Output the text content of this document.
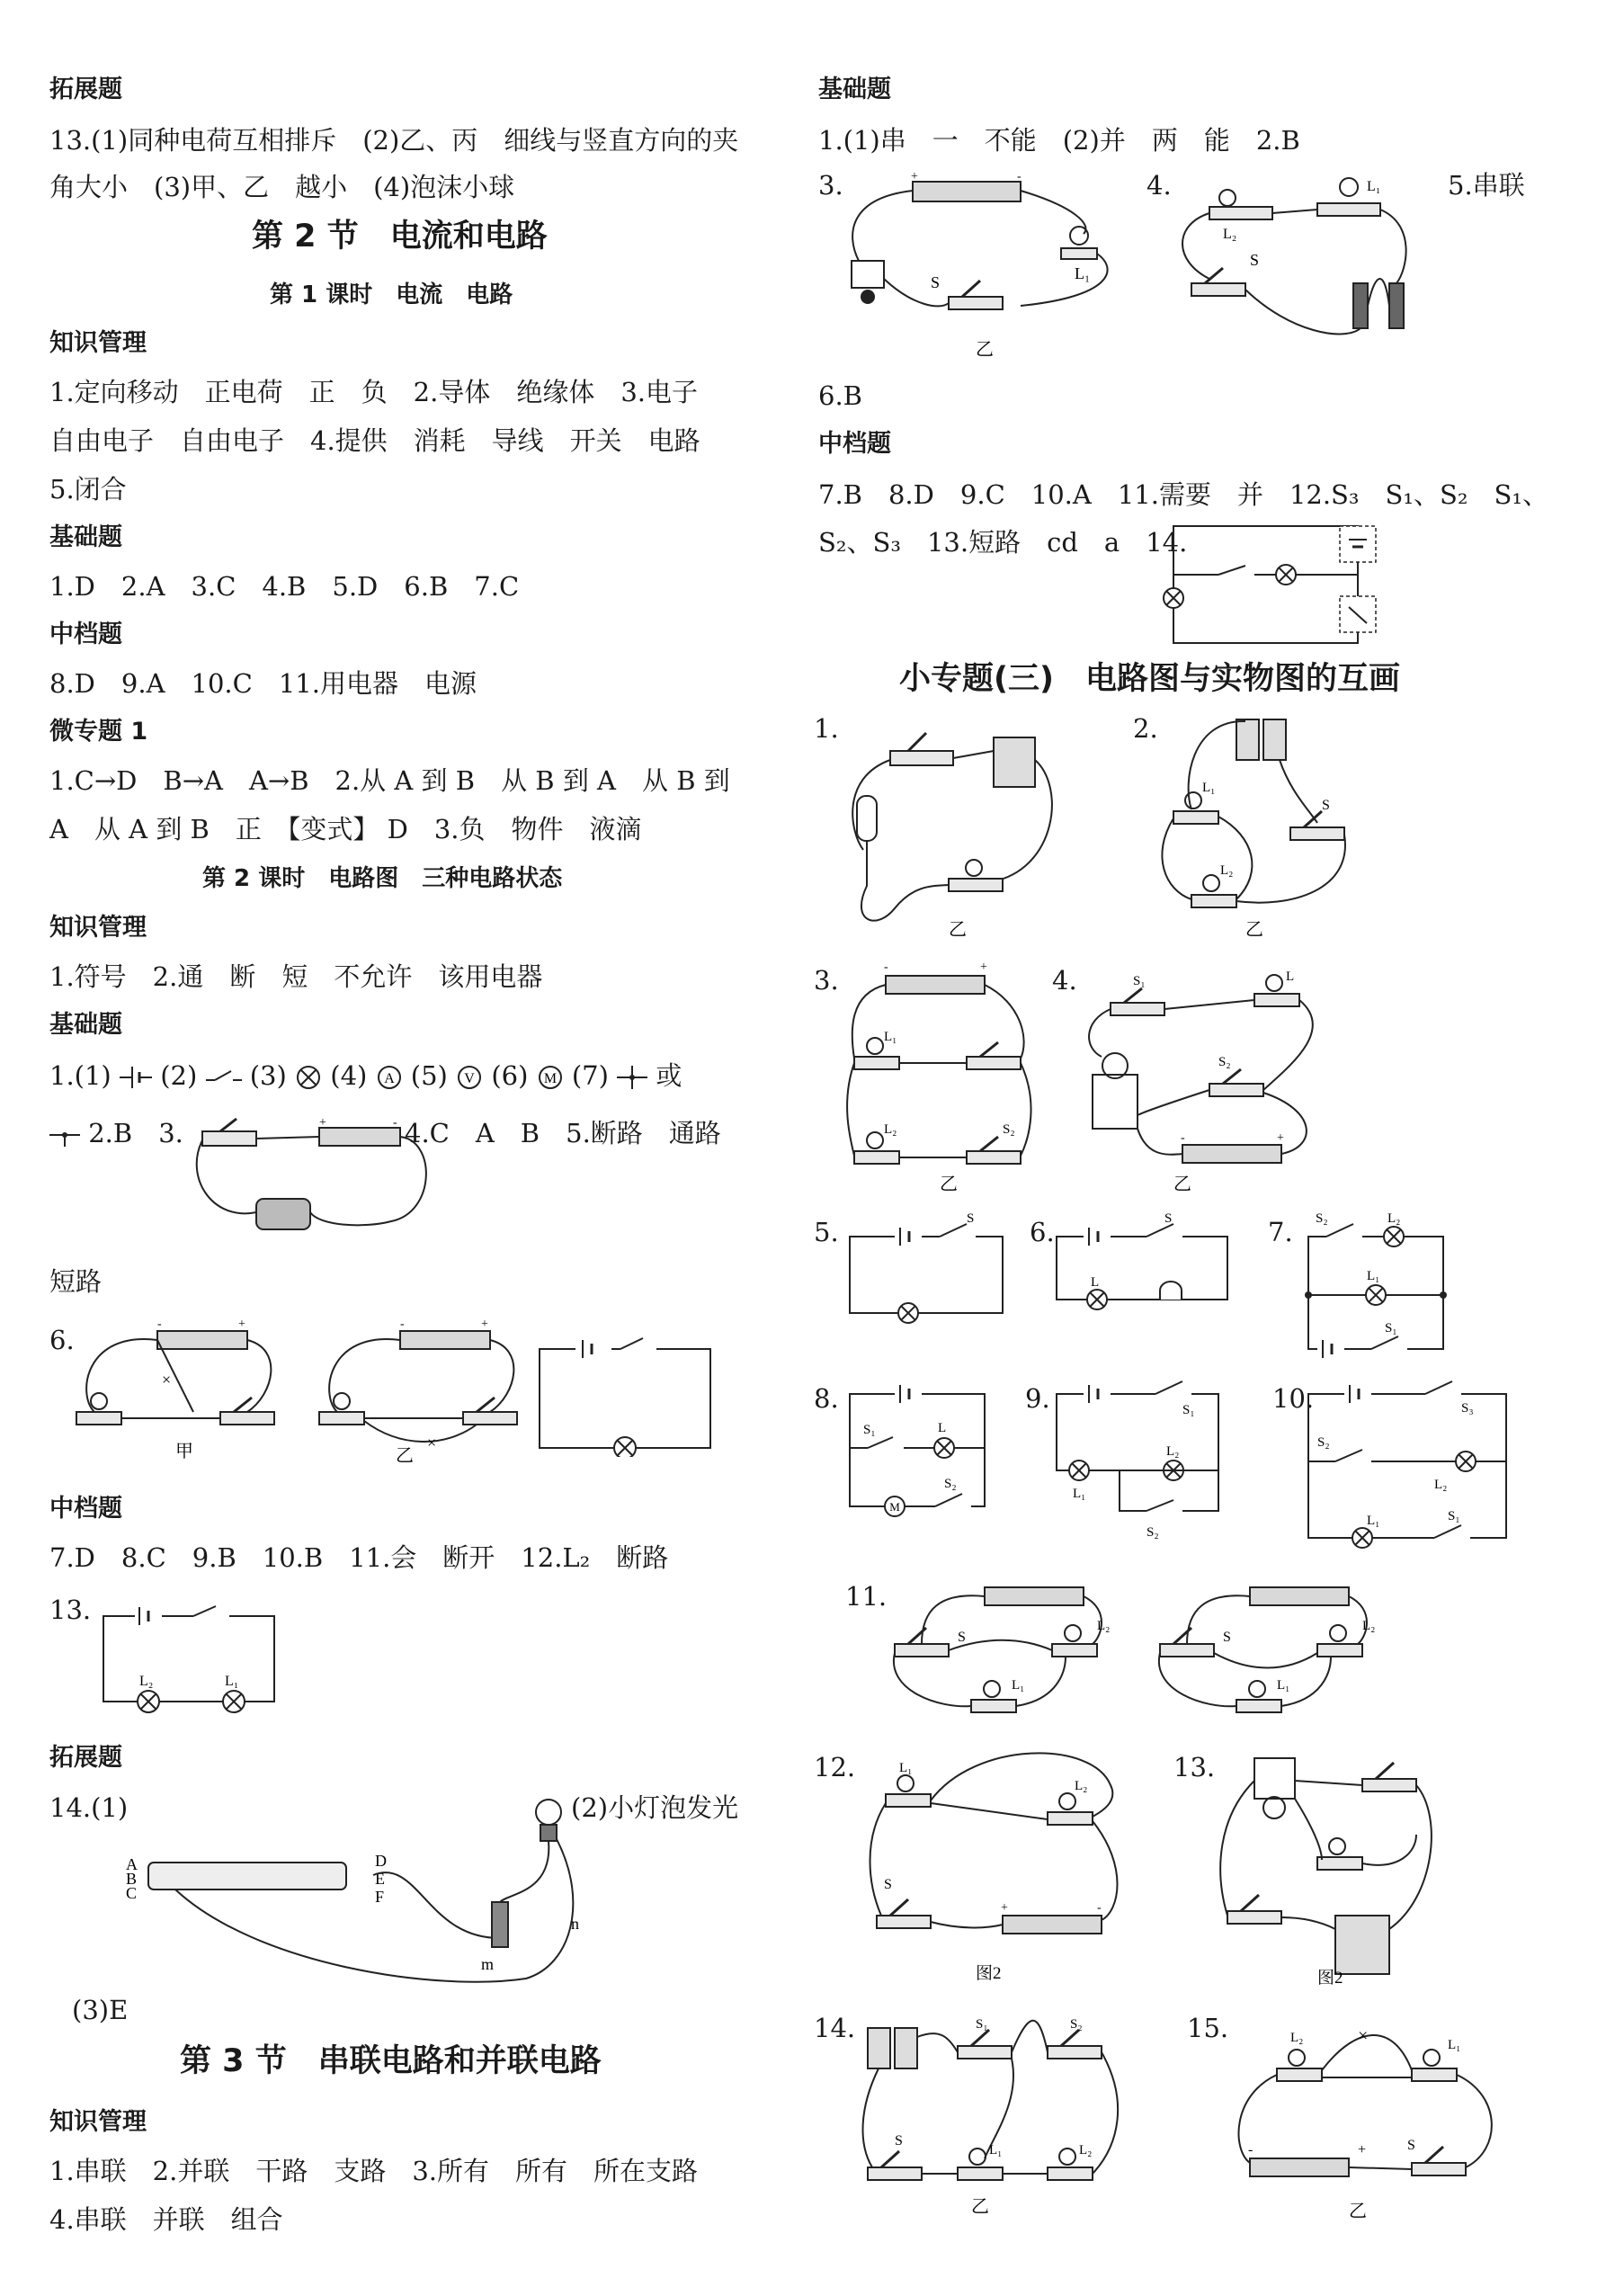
拓展题
13.(1)同种电荷互相排斥　(2)乙、丙　细线与竖直方向的夹
角大小　(3)甲、乙　越小　(4)泡沫小球
第 2 节　电流和电路
第 1 课时　电流　电路
知识管理
1.定向移动　正电荷　正　负　2.导体　绝缘体　3.电子
自由电子　自由电子　4.提供　消耗　导线　开关　电路
5.闭合
基础题
1.D　2.A　3.C　4.B　5.D　6.B　7.C
中档题
8.D　9.A　10.C　11.用电器　电源
微专题 1
1.C→D　B→A　A→B　2.从 A 到 B　从 B 到 A　从 B 到
A　从 A 到 B　正　【变式】 D　3.负　物件　液滴
第 2 课时　电路图　三种电路状态
知识管理
1.符号　2.通　断　短　不允许　该用电器
基础题
1.(1) (2) (3) (4) A (5) V (6) M (7) 或
2.B　3.	4.C　A　B　5.断路　通路
+	-
短路
6.
-	+
×
甲
-	+
×
乙
中档题
7.D　8.C　9.B　10.B　11.会　断开　12.L₂　断路
13.
L₂	L₁
拓展题
14.(1)	(2)小灯泡发光
A
B
C
D
E
F
m
n
(3)E
第 3 节　串联电路和并联电路
知识管理
1.串联　2.并联　干路　支路　3.所有　所有　所在支路
4.串联　并联　组合
基础题
1.(1)串　一　不能　(2)并　两　能　2.B
3.	4.	5.串联
+	-
S	L₁
乙
L₂
L₁
S
6.B
中档题
7.B　8.D　9.C　10.A　11.需要　并　12.S₃　S₁、S₂　S₁、
S₂、S₃　13.短路　cd　a　14.
小专题(三)　电路图与实物图的互画
1.
乙
2.
L₁
L₂
S
乙
3.	-	+
L₁
L₂	S₂
乙
4.
-	+
S₁	L
S₂
乙
5.	S 6.	S
L
7. S₂	L₂
L₁
S₁
8.
S₁	L
M
S₂
9.	S₁
L₁
L₂
S₂
10.	S₃
S₂
L₂
L₁	S₁
11.
S
L₂
L₁
S
L₂
L₁
12.
+	-
L₁
L₂
S
图2
13.
图2
14.	S₁	S₂
S
L₁	L₂
乙
15.
-	+
×
L₂	L₁
S
乙
